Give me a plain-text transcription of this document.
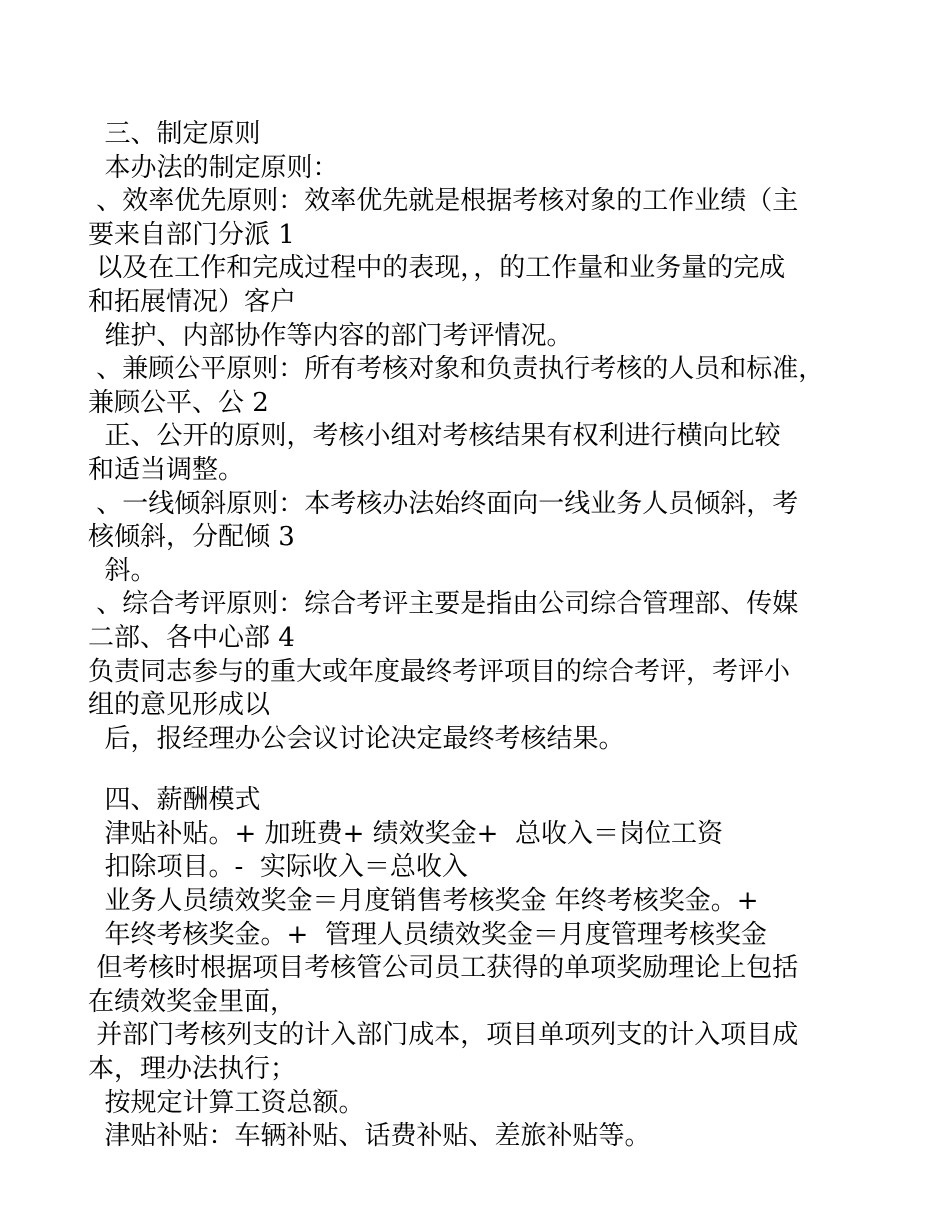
三、制定原则

本办法的制定原则：

、效率优先原则：效率优先就是根据考核对象的工作业绩（主

要来自部门分派 1

以及在工作和完成过程中的表现，，的工作量和业务量的完成

和拓展情况）客户

维护、内部协作等内容的部门考评情况。

、兼顾公平原则：所有考核对象和负责执行考核的人员和标准，

兼顾公平、公 2

正、公开的原则，考核小组对考核结果有权利进行横向比较

和适当调整。

、一线倾斜原则：本考核办法始终面向一线业务人员倾斜，考

核倾斜，分配倾 3

斜。

、综合考评原则：综合考评主要是指由公司综合管理部、传媒

二部、各中心部 4

负责同志参与的重大或年度最终考评项目的综合考评，考评小

组的意见形成以

后，报经理办公会议讨论决定最终考核结果。

四、薪酬模式

津贴补贴。+ 加班费+ 绩效奖金+  总收入＝岗位工资

扣除项目。-  实际收入＝总收入

业务人员绩效奖金＝月度销售考核奖金 年终考核奖金。+

年终考核奖金。+  管理人员绩效奖金＝月度管理考核奖金

但考核时根据项目考核管公司员工获得的单项奖励理论上包括

在绩效奖金里面，

并部门考核列支的计入部门成本，项目单项列支的计入项目成

本，理办法执行；

按规定计算工资总额。

津贴补贴：车辆补贴、话费补贴、差旅补贴等。
